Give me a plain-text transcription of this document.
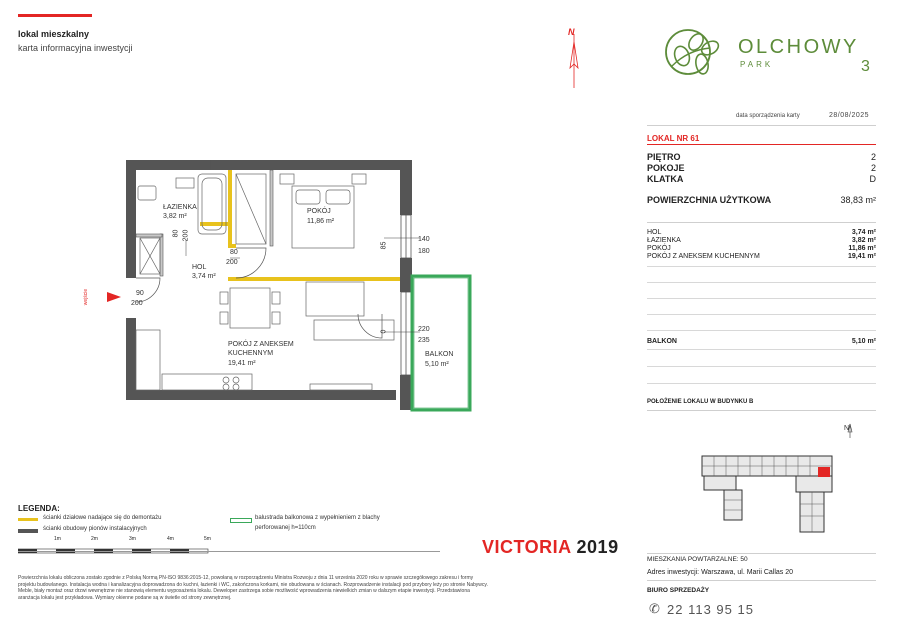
lokal mieszkalny
karta informacyjna inwestycji
N
OLCHOWY
PARK	3
data sporządzenia karty	28/08/2025
LOKAL NR 61
PIĘTRO	2
POKOJE	2
KLATKA	D
POWIERZCHNIA UŻYTKOWA	38,83 m²
HOL	3,74 m²
ŁAZIENKA	3,82 m²
POKÓJ	11,86 m²
POKÓJ Z ANEKSEM KUCHENNYM	19,41 m²
BALKON	5,10 m²
POŁOŻENIE LOKALU W BUDYNKU B
N
MIESZKANIA POWTARZALNE: 50
Adres inwestycji: Warszawa, ul. Marii Callas 20
BIURO SPRZEDAŻY
✆ 22 113 95 15
ŁAZIENKA
3,82 m²
POKÓJ
11,86 m²
HOL
3,74 m²
POKÓJ Z ANEKSEM
KUCHENNYM
19,41 m²
BALKON
5,10 m²
80 200
80
200
90
200
140
180
220
235
85
0
wejście
LEGENDA:
ścianki działowe nadające się do demontażu
ścianki obudowy pionów instalacyjnych
balustrada balkonowa z wypełnieniem z blachy
perforowanej h=110cm
1m	2m	3m	4m	5m	VICTORIA 2019
Powierzchnia lokalu obliczona zostało zgodnie z Polską Normą PN-ISO 9836:2015-12, powołaną w rozporządzeniu Ministra Rozwoju z dnia 11 września 2020 roku w sprawie szczegółowego zakresu i formy
projektu budowlanego. Instalacja wodna i kanalizacyjna doprowadzona do kuchni, łazienki i WC, zakończona korkami, nie obudowana w ścianach. Rozprowadzenie instalacji pod przybory leży po stronie Nabywcy.
Meble, biały montaż oraz drzwi wewnętrzne nie stanowią elementu wyposażenia lokalu. Deweloper zastrzega sobie możliwość wprowadzenia niewielkich zmian w dalszym etapie inwestycji. Przedstawiona
aranżacja lokalu jest przykładowa. Wymiary okienne podane są w świetle od strony zewnętrznej.
